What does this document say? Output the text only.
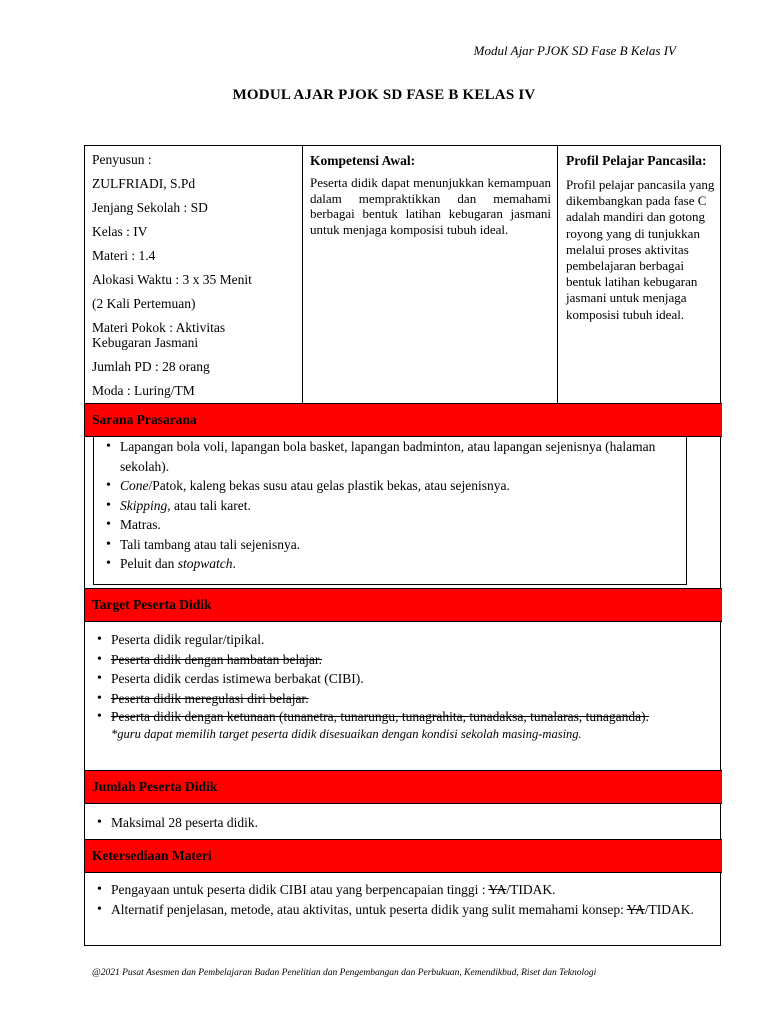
Modul Ajar PJOK SD Fase B Kelas IV
MODUL AJAR PJOK SD FASE B KELAS IV

Penyusun :

ZULFRIADI, S.Pd

Jenjang Sekolah : SD

Kelas : IV

Materi : 1.4

Alokasi Waktu : 3 x 35 Menit

(2 Kali Pertemuan)

Materi Pokok : Aktivitas Kebugaran Jasmani

Jumlah PD : 28 orang

Moda : Luring/TM

Kompetensi Awal:
Peserta didik dapat menunjukkan kemampuan dalam mempraktikkan dan memahami berbagai bentuk latihan kebugaran jasmani untuk menjaga komposisi tubuh ideal.
Profil Pelajar Pancasila:
Profil pelajar pancasila yang dikembangkan pada fase C adalah mandiri dan gotong royong yang di tunjukkan melalui proses aktivitas pembelajaran berbagai bentuk latihan kebugaran jasmani untuk menjaga komposisi tubuh ideal.
Sarana Prasarana
• Lapangan bola voli, lapangan bola basket, lapangan badminton, atau lapangan sejenisnya (halaman sekolah).
• Cone/Patok, kaleng bekas susu atau gelas plastik bekas, atau sejenisnya.
• Skipping, atau tali karet.
• Matras.
• Tali tambang atau tali sejenisnya.
• Peluit dan stopwatch.
Target Peserta Didik
• Peserta didik regular/tipikal.
• Peserta didik dengan hambatan belajar.
• Peserta didik cerdas istimewa berbakat (CIBI).
• Peserta didik meregulasi diri belajar.
• Peserta didik dengan ketunaan (tunanetra, tunarungu, tunagrahita, tunadaksa, tunalaras, tunaganda).
*guru dapat memilih target peserta didik disesuaikan dengan kondisi sekolah masing-masing.
Jumlah Peserta Didik
• Maksimal 28 peserta didik.
Ketersediaan Materi
• Pengayaan untuk peserta didik CIBI atau yang berpencapaian tinggi : YA/TIDAK.
• Alternatif penjelasan, metode, atau aktivitas, untuk peserta didik yang sulit memahami konsep: YA/TIDAK.
@2021 Pusat Asesmen dan Pembelajaran Badan Penelitian dan Pengembangan dan Perbukuan, Kemendikbud, Riset dan Teknologi
